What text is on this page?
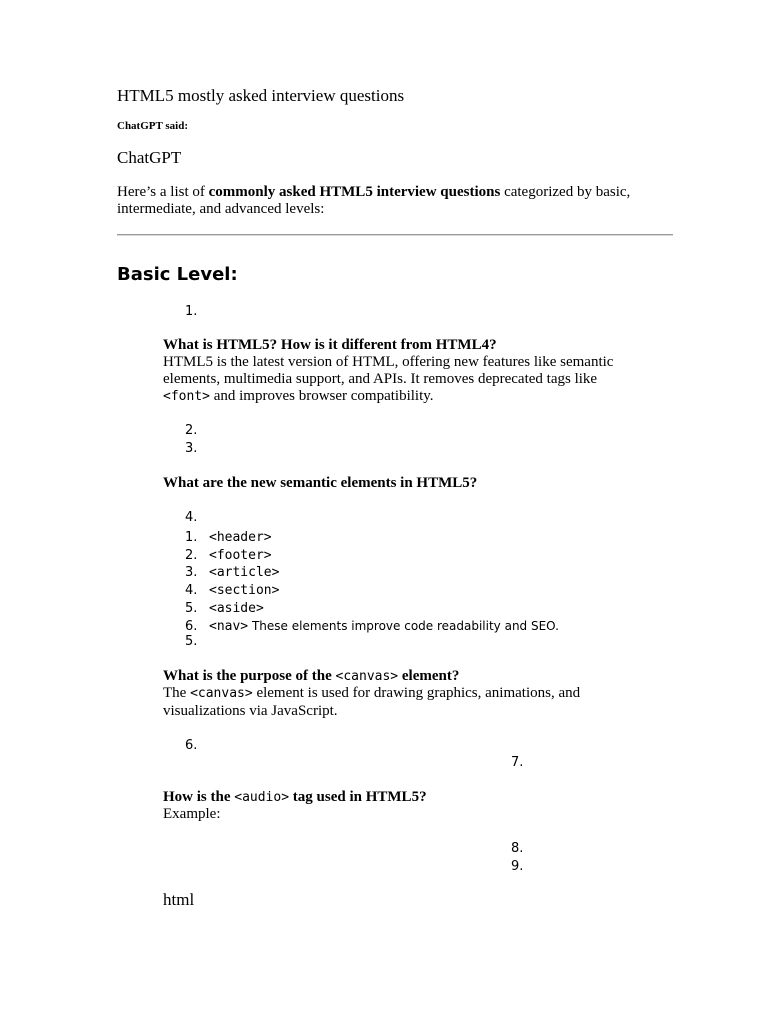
HTML5 mostly asked interview questions
ChatGPT said:
ChatGPT
Here’s a list of commonly asked HTML5 interview questions categorized by basic,
intermediate, and advanced levels:
Basic Level:
1.
What is HTML5? How is it different from HTML4?
HTML5 is the latest version of HTML, offering new features like semantic
elements, multimedia support, and APIs. It removes deprecated tags like
<font> and improves browser compatibility.
2.
3.
What are the new semantic elements in HTML5?
4.
1. <header>
2. <footer>
3. <article>
4. <section>
5. <aside>
6. <nav> These elements improve code readability and SEO.
5.
What is the purpose of the <canvas> element?
The <canvas> element is used for drawing graphics, animations, and
visualizations via JavaScript.
6.
7.
How is the <audio> tag used in HTML5?
Example:
8.
9.
html
